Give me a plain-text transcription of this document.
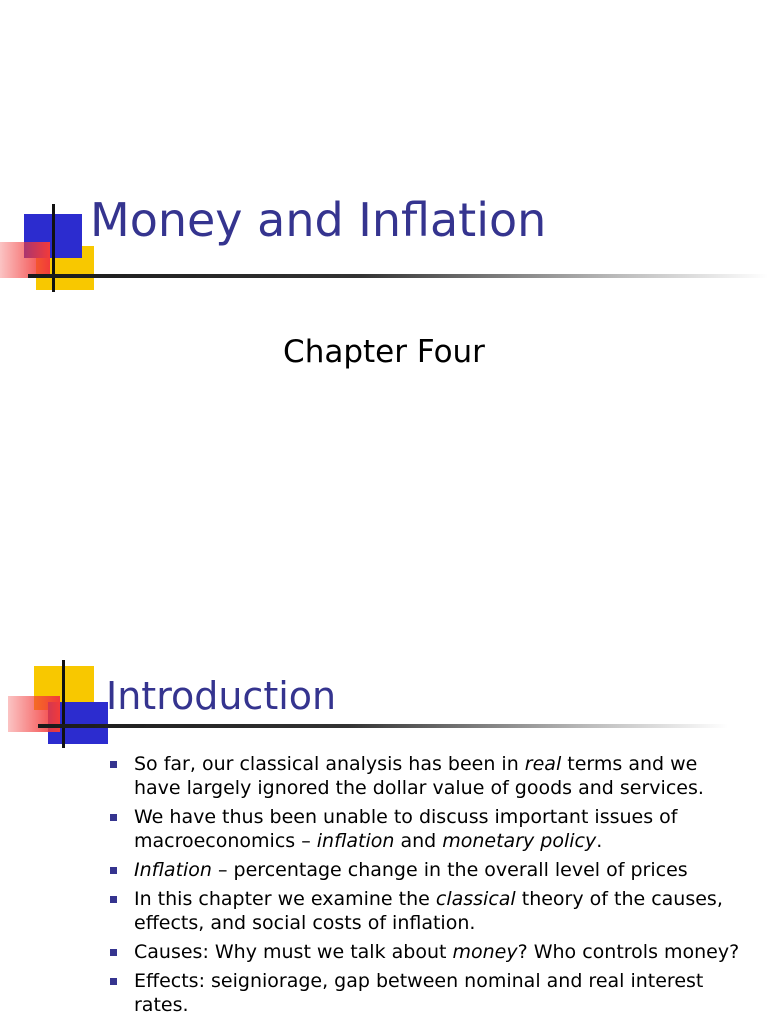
Money and Inflation
Chapter Four
Introduction
So far, our classical analysis has been in real terms and we have largely ignored the dollar value of goods and services.
We have thus been unable to discuss important issues of macroeconomics – inflation and monetary policy.
Inflation – percentage change in the overall level of prices
In this chapter we examine the classical theory of the causes, effects, and social costs of inflation.
Causes: Why must we talk about money? Who controls money?
Effects: seigniorage, gap between nominal and real interest rates.
